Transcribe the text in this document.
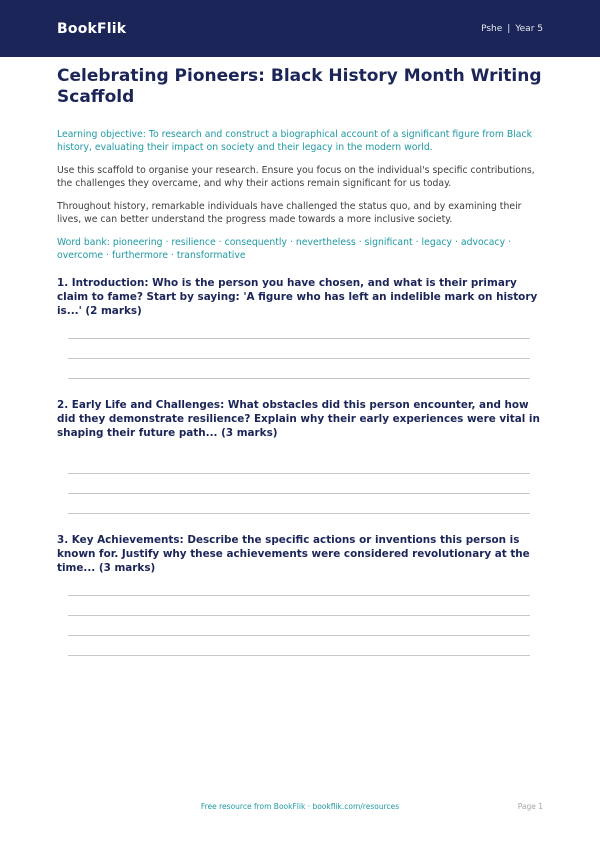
BookFlik	Pshe | Year 5
Celebrating Pioneers: Black History Month Writing Scaffold
Learning objective: To research and construct a biographical account of a significant figure from Black history, evaluating their impact on society and their legacy in the modern world.
Use this scaffold to organise your research. Ensure you focus on the individual's specific contributions, the challenges they overcame, and why their actions remain significant for us today.
Throughout history, remarkable individuals have challenged the status quo, and by examining their lives, we can better understand the progress made towards a more inclusive society.
Word bank: pioneering · resilience · consequently · nevertheless · significant · legacy · advocacy · overcome · furthermore · transformative
1. Introduction: Who is the person you have chosen, and what is their primary claim to fame? Start by saying: 'A figure who has left an indelible mark on history is...' (2 marks)
2. Early Life and Challenges: What obstacles did this person encounter, and how did they demonstrate resilience? Explain why their early experiences were vital in shaping their future path... (3 marks)
3. Key Achievements: Describe the specific actions or inventions this person is known for. Justify why these achievements were considered revolutionary at the time... (3 marks)
Free resource from BookFlik · bookflik.com/resources	Page 1
